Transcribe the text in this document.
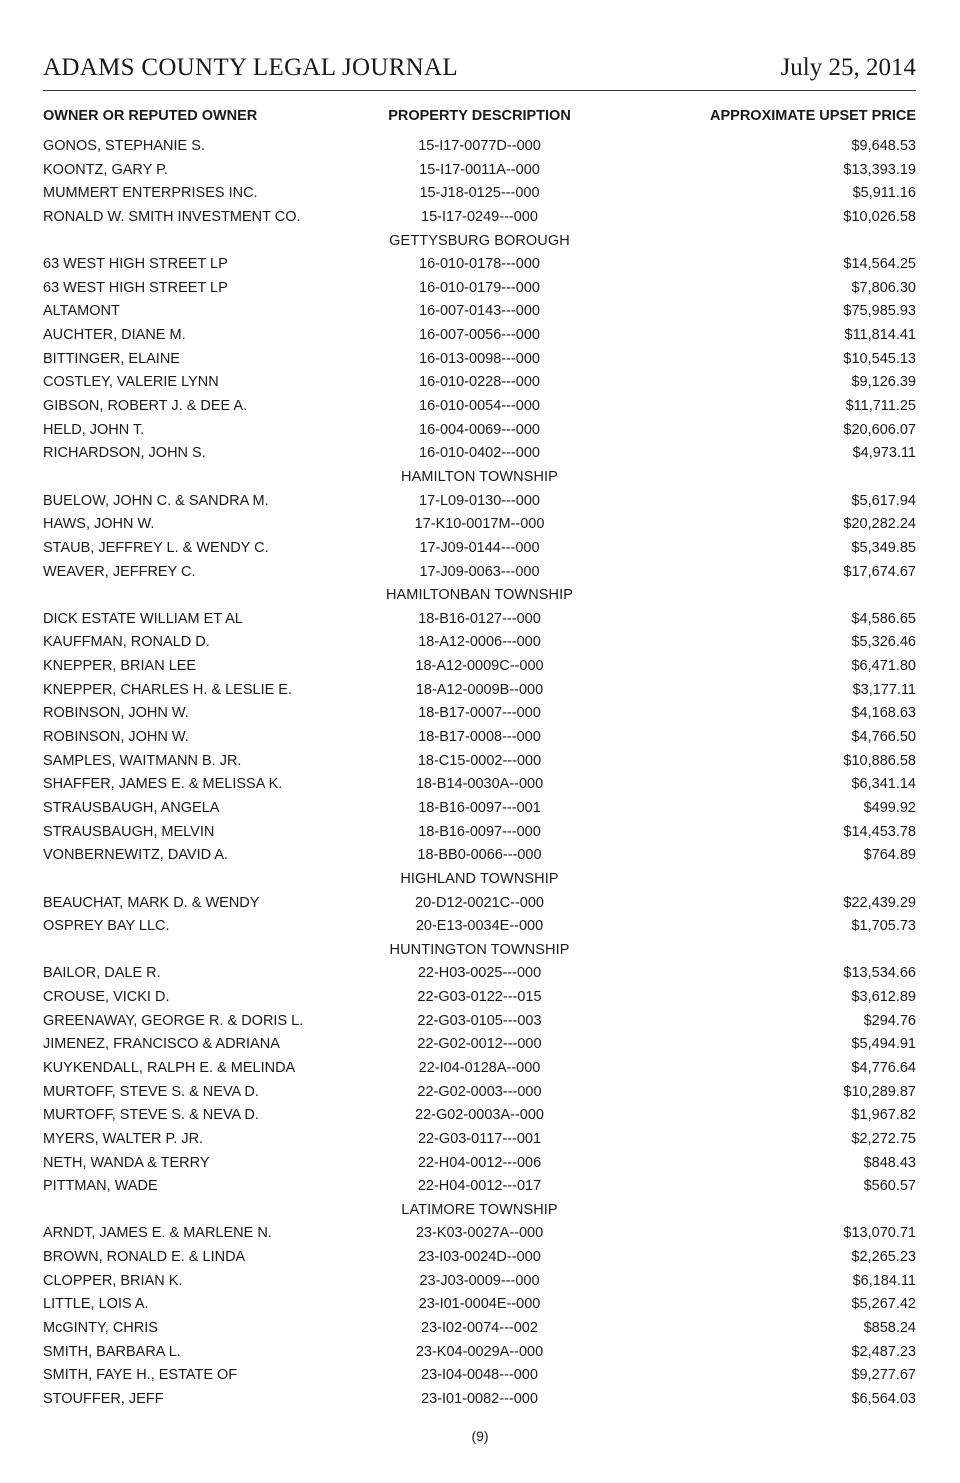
ADAMS COUNTY LEGAL JOURNAL	July 25, 2014
OWNER OR REPUTED OWNER	PROPERTY DESCRIPTION	APPROXIMATE UPSET PRICE
GONOS, STEPHANIE S.	15-I17-0077D--000	$9,648.53
KOONTZ, GARY P.	15-I17-0011A--000	$13,393.19
MUMMERT ENTERPRISES INC.	15-J18-0125---000	$5,911.16
RONALD W. SMITH INVESTMENT CO.	15-I17-0249---000	$10,026.58
GETTYSBURG BOROUGH
63 WEST HIGH STREET LP	16-010-0178---000	$14,564.25
63 WEST HIGH STREET LP	16-010-0179---000	$7,806.30
ALTAMONT	16-007-0143---000	$75,985.93
AUCHTER, DIANE M.	16-007-0056---000	$11,814.41
BITTINGER, ELAINE	16-013-0098---000	$10,545.13
COSTLEY, VALERIE LYNN	16-010-0228---000	$9,126.39
GIBSON, ROBERT J. & DEE A.	16-010-0054---000	$11,711.25
HELD, JOHN T.	16-004-0069---000	$20,606.07
RICHARDSON, JOHN S.	16-010-0402---000	$4,973.11
HAMILTON TOWNSHIP
BUELOW, JOHN C. & SANDRA M.	17-L09-0130---000	$5,617.94
HAWS, JOHN W.	17-K10-0017M--000	$20,282.24
STAUB, JEFFREY L. & WENDY C.	17-J09-0144---000	$5,349.85
WEAVER, JEFFREY C.	17-J09-0063---000	$17,674.67
HAMILTONBAN TOWNSHIP
DICK ESTATE WILLIAM ET AL	18-B16-0127---000	$4,586.65
KAUFFMAN, RONALD D.	18-A12-0006---000	$5,326.46
KNEPPER, BRIAN LEE	18-A12-0009C--000	$6,471.80
KNEPPER, CHARLES H. & LESLIE E.	18-A12-0009B--000	$3,177.11
ROBINSON, JOHN W.	18-B17-0007---000	$4,168.63
ROBINSON, JOHN W.	18-B17-0008---000	$4,766.50
SAMPLES, WAITMANN B. JR.	18-C15-0002---000	$10,886.58
SHAFFER, JAMES E. & MELISSA K.	18-B14-0030A--000	$6,341.14
STRAUSBAUGH, ANGELA	18-B16-0097---001	$499.92
STRAUSBAUGH, MELVIN	18-B16-0097---000	$14,453.78
VONBERNEWITZ, DAVID A.	18-BB0-0066---000	$764.89
HIGHLAND TOWNSHIP
BEAUCHAT, MARK D. & WENDY	20-D12-0021C--000	$22,439.29
OSPREY BAY LLC.	20-E13-0034E--000	$1,705.73
HUNTINGTON TOWNSHIP
BAILOR, DALE R.	22-H03-0025---000	$13,534.66
CROUSE, VICKI D.	22-G03-0122---015	$3,612.89
GREENAWAY, GEORGE R. & DORIS L.	22-G03-0105---003	$294.76
JIMENEZ, FRANCISCO & ADRIANA	22-G02-0012---000	$5,494.91
KUYKENDALL, RALPH E. & MELINDA	22-I04-0128A--000	$4,776.64
MURTOFF, STEVE S. & NEVA D.	22-G02-0003---000	$10,289.87
MURTOFF, STEVE S. & NEVA D.	22-G02-0003A--000	$1,967.82
MYERS, WALTER P. JR.	22-G03-0117---001	$2,272.75
NETH, WANDA & TERRY	22-H04-0012---006	$848.43
PITTMAN, WADE	22-H04-0012---017	$560.57
LATIMORE TOWNSHIP
ARNDT, JAMES E. & MARLENE N.	23-K03-0027A--000	$13,070.71
BROWN, RONALD E. & LINDA	23-I03-0024D--000	$2,265.23
CLOPPER, BRIAN K.	23-J03-0009---000	$6,184.11
LITTLE, LOIS A.	23-I01-0004E--000	$5,267.42
McGINTY, CHRIS	23-I02-0074---002	$858.24
SMITH, BARBARA L.	23-K04-0029A--000	$2,487.23
SMITH, FAYE H., ESTATE OF	23-I04-0048---000	$9,277.67
STOUFFER, JEFF	23-I01-0082---000	$6,564.03
(9)
